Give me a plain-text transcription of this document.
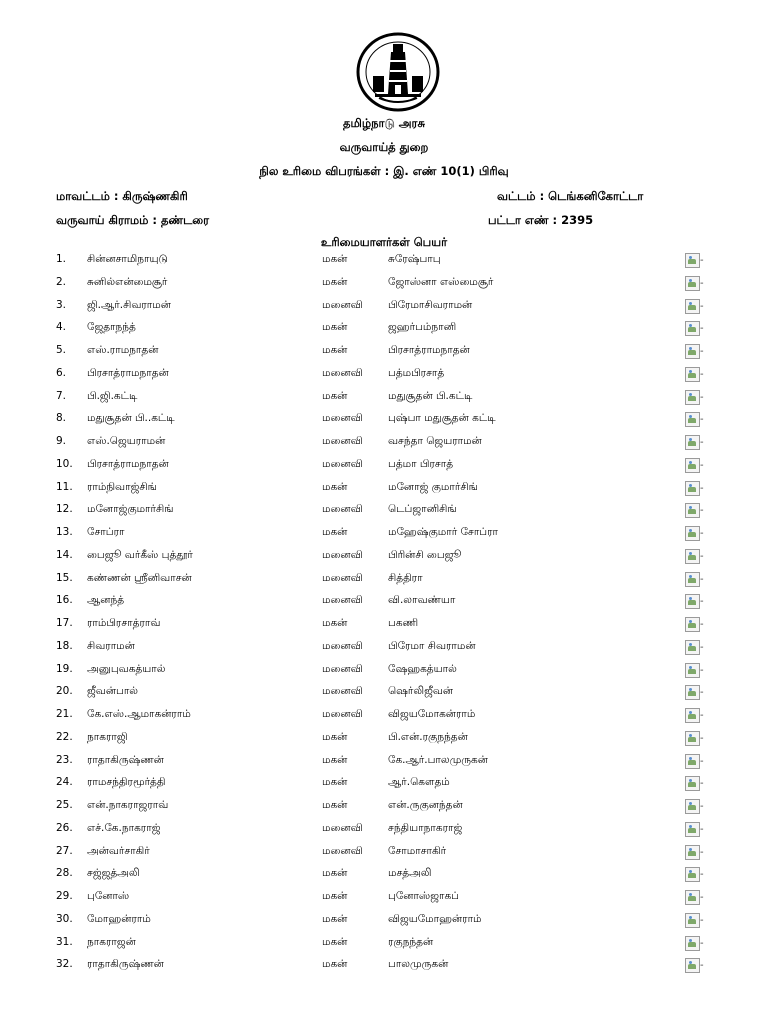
தமிழ்நாடு அரசு
வருவாய்த் துறை
நில உரிமை விபரங்கள் : இ. எண் 10(1) பிரிவு
மாவட்டம் : கிருஷ்ணகிரி	வட்டம் : டெங்கனிகோட்டா
வருவாய் கிராமம் : தண்டரை	பட்டா எண் : 2395
உரிமையாளர்கள் பெயர்
1. சின்னசாமிநாயுடு	மகன்	சுரேஷ்பாபு	-
2. சுனில்என்மைசூர்	மகன்	ஜோஸ்னா எஸ்மைசூர்	-
3. ஜி.ஆர்.சிவராமன்	மனைவி பிரேமாசிவராமன்	-
4. ஜேதாநந்த்	மகன்	ஜஹர்பம்நானி	-
5. எஸ்.ராமநாதன்	மகன்	பிரசாத்ராமநாதன்	-
6. பிரசாத்ராமநாதன்	மனைவி பத்மபிரசாத்	-
7. பி.ஜி.கட்டி	மகன்	மதுசூதன் பி.கட்டி	-
8. மதுசூதன் பி..கட்டி	மனைவி புஷ்பா மதுசூதன் கட்டி	-
9. எஸ்.ஜெயராமன்	மனைவி வசந்தா ஜெயராமன்	-
10. பிரசாத்ராமநாதன்	மனைவி பத்மா பிரசாத்	-
11. ராம்நிவாஜ்சிங்	மகன்	மனோஜ் குமார்சிங்	-
12. மனோஜ்குமார்சிங்	மனைவி டெப்ஜானிசிங்	-
13. சோப்ரா	மகன்	மஹேஷ்குமார் சோப்ரா	-
14. பைஜூ வர்கீஸ் புத்தூர்	மனைவி பிரின்சி பைஜூ	-
15. கண்ணன் ஸ்ரீனிவாசன்	மனைவி சித்திரா	-
16. ஆனந்த்	மனைவி வி.லாவண்யா	-
17. ராம்பிரசாத்ராவ்	மகன்	பகணி	-
18. சிவராமன்	மனைவி பிரேமா சிவராமன்	-
19. அனுபுவகத்யால்	மனைவி ஷேஹகத்யால்	-
20. ஜீவன்பால்	மனைவி ஷெர்லிஜீவன்	-
21. கே.எஸ்.ஆமாகன்ராம்	மனைவி விஜயமோகன்ராம்	-
22. நாகராஜி	மகன்	பி.என்.ரகுநந்தன்	-
23. ராதாகிருஷ்ணன்	மகன்	கே.ஆர்.பாலமுருகன்	-
24. ராமசந்திரமூர்த்தி	மகன்	ஆர்.கௌதம்	-
25. என்.நாகராஜராவ்	மகன்	என்.ருகுனந்தன்	-
26. எச்.கே.நாகராஜ்	மனைவி சந்தியாநாகராஜ்	-
27. அன்வர்சாகிர்	மனைவி சோமாசாகிர்	-
28. சஜ்ஜத்அலி	மகன்	மசத்அலி	-
29. புனோஸ்	மகன்	புனோஸ்ஜாகப்	-
30. மோஹன்ராம்	மகன்	விஜயமோஹன்ராம்	-
31. நாகராஜன்	மகன்	ரகுநந்தன்	-
32. ராதாகிருஷ்ணன்	மகன்	பாலமுருகன்	-
